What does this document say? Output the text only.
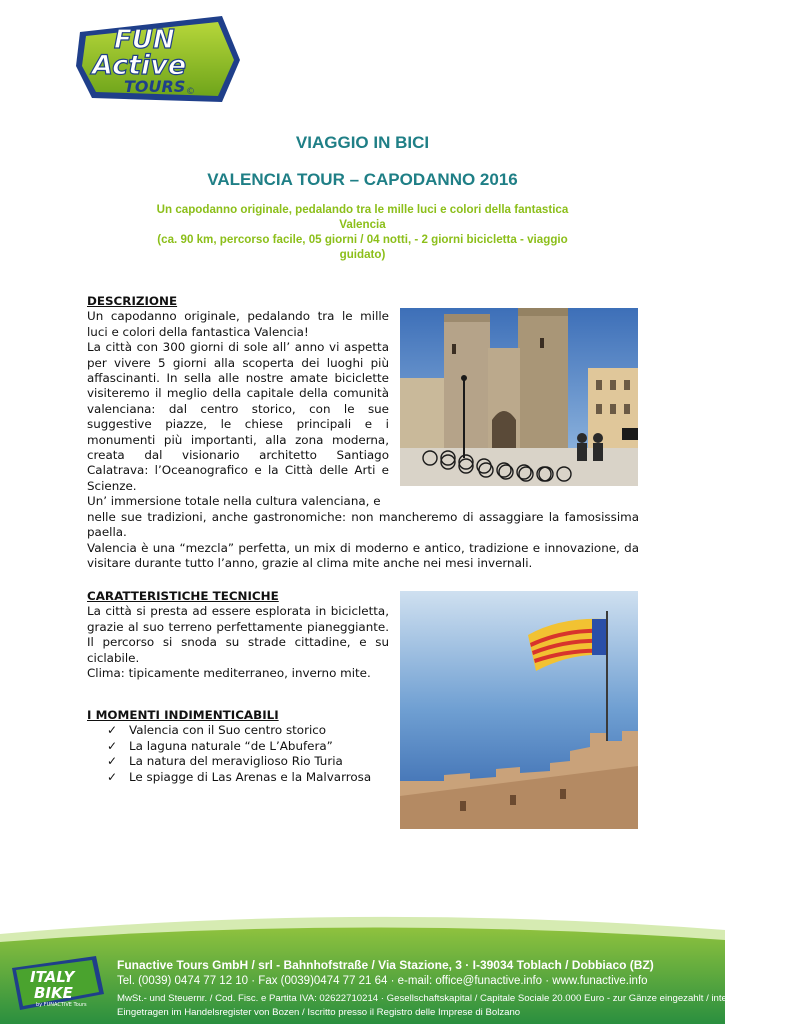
FUN
Active
TOURS ©
VIAGGIO IN BICI
VALENCIA TOUR – CAPODANNO 2016
Un capodanno originale, pedalando tra le mille luci e colori della fantastica
Valencia
(ca. 90 km, percorso facile, 05 giorni / 04 notti, - 2 giorni bicicletta - viaggio
guidato)
DESCRIZIONE

Un capodanno originale, pedalando tra le mille luci e colori della fantastica Valencia!

La città con 300 giorni di sole all’ anno vi aspetta per vivere 5 giorni alla scoperta dei luoghi più affascinanti. In sella alle nostre amate biciclette visiteremo il meglio della capitale della comunità valenciana: dal centro storico, con le sue suggestive piazze, le chiese principali e i monumenti più importanti, alla zona moderna, creata dal visionario architetto Santiago Calatrava: l’Oceanografico e la Città delle Arti e Scienze.

Un’ immersione totale nella cultura valenciana, e

nelle sue tradizioni, anche gastronomiche: non mancheremo di assaggiare la famosissima paella.

Valencia è una “mezcla” perfetta, un mix di moderno e antico, tradizione e innovazione, da visitare durante tutto l’anno, grazie al clima mite anche nei mesi invernali.

CARATTERISTICHE TECNICHE

La città si presta ad essere esplorata in bicicletta, grazie al suo terreno perfettamente pianeggiante. Il percorso si snoda su strade cittadine, e su ciclabile.

Clima: tipicamente mediterraneo, inverno mite.

I MOMENTI INDIMENTICABILI
✓ Valencia con il Suo centro storico
✓ La laguna naturale “de L’Abufera”
✓ La natura del meraviglioso Rio Turia
✓ Le spiagge di Las Arenas e la Malvarrosa
ITALY
BIKE
by FUNACTIVE Tours
Funactive Tours GmbH / srl - Bahnhofstraße / Via Stazione, 3 · I-39034 Toblach / Dobbiaco (BZ)
Tel. (0039) 0474 77 12 10 · Fax (0039)0474 77 21 64 · e-mail: office@funactive.info · www.funactive.info
MwSt.- und Steuernr. / Cod. Fisc. e Partita IVA: 02622710214 · Gesellschaftskapital / Capitale Sociale 20.000 Euro - zur Gänze eingezahlt / interamente versato
Eingetragen im Handelsregister von Bozen / Iscritto presso il Registro delle Imprese di Bolzano
